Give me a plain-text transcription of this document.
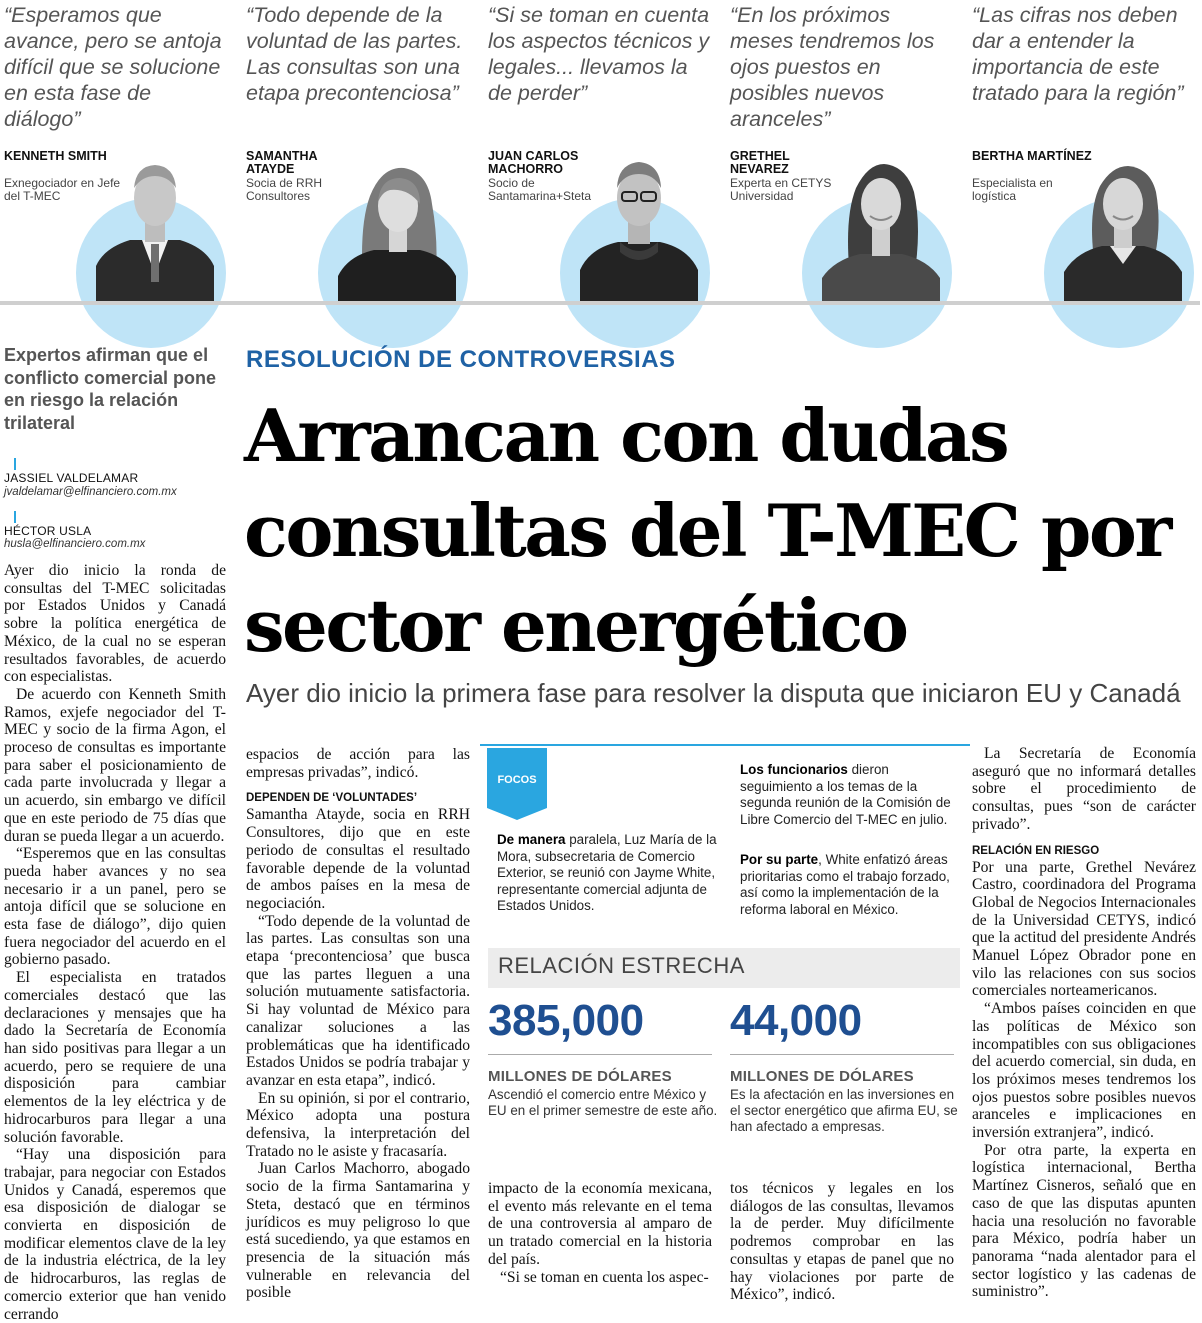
“Esperamos que avance, pero se antoja difícil que se solucione en esta fase de diálogo”
KENNETH SMITH
Exnegociador en Jefe del T-MEC
“Todo depende de la voluntad de las partes. Las consultas son una etapa precontenciosa”
SAMANTHA ATAYDE
Socia de RRH Consultores
“Si se toman en cuenta los aspectos técnicos y legales... llevamos la de perder”
JUAN CARLOS MACHORRO
Socio de Santamarina+Steta
“En los próximos meses tendremos los ojos puestos en posibles nuevos aranceles”
GRETHEL NEVAREZ
Experta en CETYS Universidad
“Las cifras nos deben dar a entender la importancia de este tratado para la región”
BERTHA MARTÍNEZ
Especialista en logística
Expertos afirman que el conflicto comercial pone en riesgo la relación trilateral
JASSIEL VALDELAMAR
jvaldelamar@elfinanciero.com.mx
HÉCTOR USLA
husla@elfinanciero.com.mx

Ayer dio inicio la ronda de consultas del T-MEC solicitadas por Estados Unidos y Canadá sobre la política energética de México, de la cual no se esperan resultados favorables, de acuerdo con especialistas.

De acuerdo con Kenneth Smith Ramos, exjefe negociador del T-MEC y socio de la firma Agon, el proceso de consultas es importante para saber el posicionamiento de cada parte involucrada y llegar a un acuerdo, sin embargo ve difícil que en este periodo de 75 días que duran se pueda llegar a un acuerdo.

“Esperemos que en las consultas pueda haber avances y no sea necesario ir a un panel, pero se antoja difícil que se solucione en esta fase de diálogo”, dijo quien fuera negociador del acuerdo en el gobierno pasado.

El especialista en tratados comerciales destacó que las declaraciones y mensajes que ha dado la Secretaría de Economía han sido positivas para llegar a un acuerdo, pero se requiere de una disposición para cambiar elementos de la ley eléctrica y de hidrocarburos para llegar a una solución favorable.

“Hay una disposición para trabajar, para negociar con Estados Unidos y Canadá, esperemos que esa disposición de dialogar se convierta en disposición de modificar elementos clave de la ley de la industria eléctrica, de la ley de hidrocarburos, las reglas de comercio exterior que han venido cerrando

RESOLUCIÓN DE CONTROVERSIAS
Arrancan con dudas consultas del T-MEC por sector energético
Ayer dio inicio la primera fase para resolver la disputa que iniciaron EU y Canadá

espacios de acción para las empresas privadas”, indicó.

DEPENDEN DE ‘VOLUNTADES’

Samantha Atayde, socia en RRH Consultores, dijo que en este periodo de consultas el resultado favorable depende de la voluntad de ambos países en la mesa de negociación.

“Todo depende de la voluntad de las partes. Las consultas son una etapa ‘precontenciosa’ que busca que las partes lleguen a una solución mutuamente satisfactoria. Si hay voluntad de México para canalizar soluciones a las problemáticas que ha identificado Estados Unidos se podría trabajar y avanzar en esta etapa”, indicó.

En su opinión, si por el contrario, México adopta una postura defensiva, la interpretación del Tratado no le asiste y fracasaría.

Juan Carlos Machorro, abogado socio de la firma Santamarina y Steta, destacó que en términos jurídicos es muy peligroso lo que está sucediendo, ya que estamos en presencia de la situación más vulnerable en relevancia del posible

FOCOS
De manera paralela, Luz María de la Mora, subsecretaria de Comercio Exterior, se reunió con Jayme White, representante comercial adjunta de Estados Unidos.
Los funcionarios dieron seguimiento a los temas de la segunda reunión de la Comisión de Libre Comercio del T-MEC en julio.
Por su parte, White enfatizó áreas prioritarias como el trabajo forzado, así como la implementación de la reforma laboral en México.
RELACIÓN ESTRECHA
385,000
MILLONES DE DÓLARES
Ascendió el comercio entre México y EU en el primer semestre de este año.
44,000
MILLONES DE DÓLARES
Es la afectación en las inversiones en el sector energético que afirma EU, se han afectado a empresas.

impacto de la economía mexicana, el evento más relevante en el tema de una controversia al amparo de un tratado comercial en la historia del país.

“Si se toman en cuenta los aspec-

tos técnicos y legales en los diálogos de las consultas, llevamos la de perder. Muy difícilmente podremos comprobar en las consultas y etapas de panel que no hay violaciones por parte de México”, indicó.

La Secretaría de Economía aseguró que no informará detalles sobre el procedimiento de consultas, pues “son de carácter privado”.

RELACIÓN EN RIESGO

Por una parte, Grethel Nevárez Castro, coordinadora del Programa Global de Negocios Internacionales de la Universidad CETYS, indicó que la actitud del presidente Andrés Manuel López Obrador pone en vilo las relaciones con sus socios comerciales norteamericanos.

“Ambos países coinciden en que las políticas de México son incompatibles con sus obligaciones del acuerdo comercial, sin duda, en los próximos meses tendremos los ojos puestos sobre posibles nuevos aranceles e implicaciones en inversión extranjera”, indicó.

Por otra parte, la experta en logística internacional, Bertha Martínez Cisneros, señaló que en caso de que las disputas apunten hacia una resolución no favorable para México, podría haber un panorama “nada alentador para el sector logístico y las cadenas de suministro”.
